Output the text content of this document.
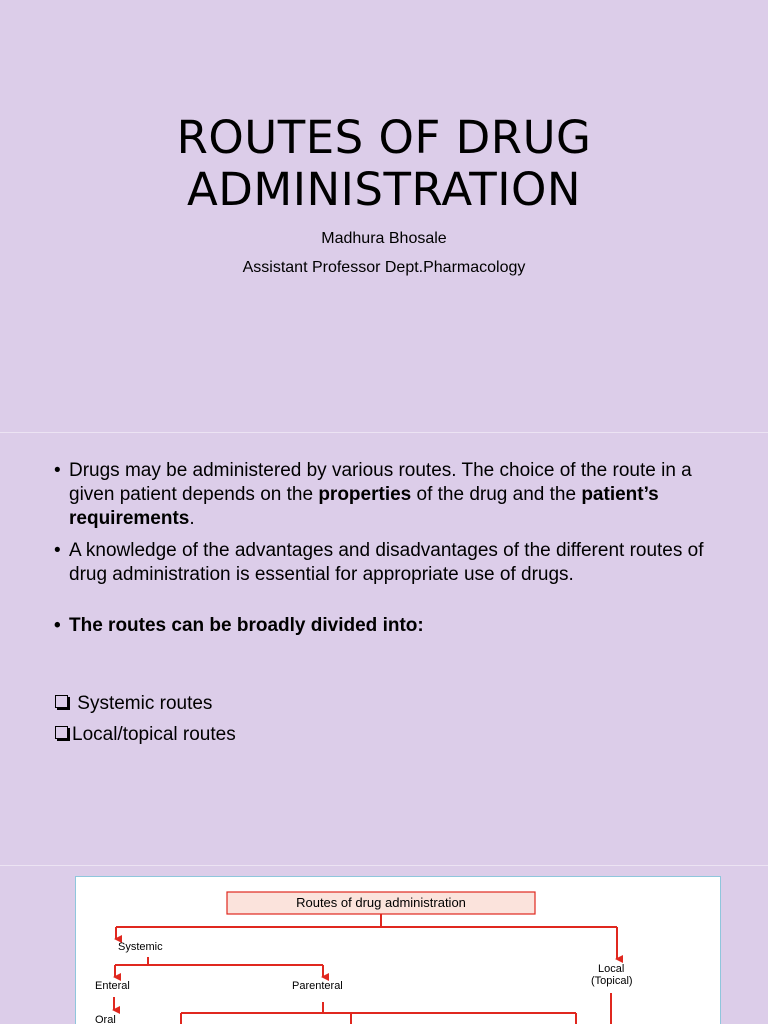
ROUTES OF DRUG
ADMINISTRATION
Madhura Bhosale
Assistant Professor Dept.Pharmacology
• Drugs may be administered by various routes. The choice of the route in a given patient depends on the properties of the drug and the patient’s requirements.
• A knowledge of the advantages and disadvantages of the different routes of drug administration is essential for appropriate use of drugs.
• The routes can be broadly divided into:
Systemic routes
Local/topical routes
Routes of drug administration
Systemic
Local
(Topical)
Enteral	Parenteral
Oral
